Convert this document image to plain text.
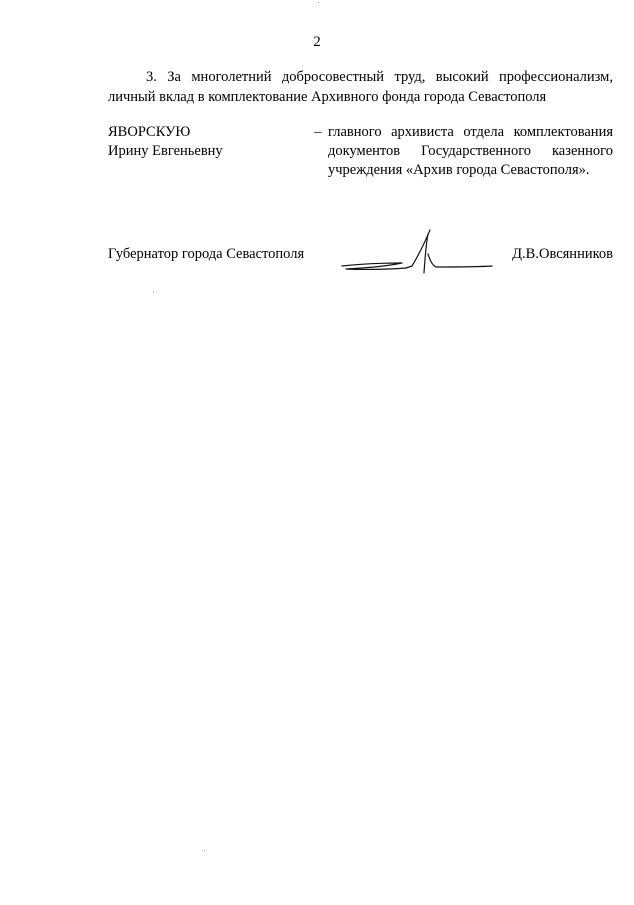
2
3. За многолетний добросовестный труд, высокий профессионализм,
личный вклад в комплектование Архивного фонда города Севастополя
ЯВОРСКУЮ
Ирину Евгеньевну
– главного архивиста отдела комплектования
документов Государственного казенного
учреждения «Архив города Севастополя».
Губернатор города Севастополя	Д.В.Овсянников
